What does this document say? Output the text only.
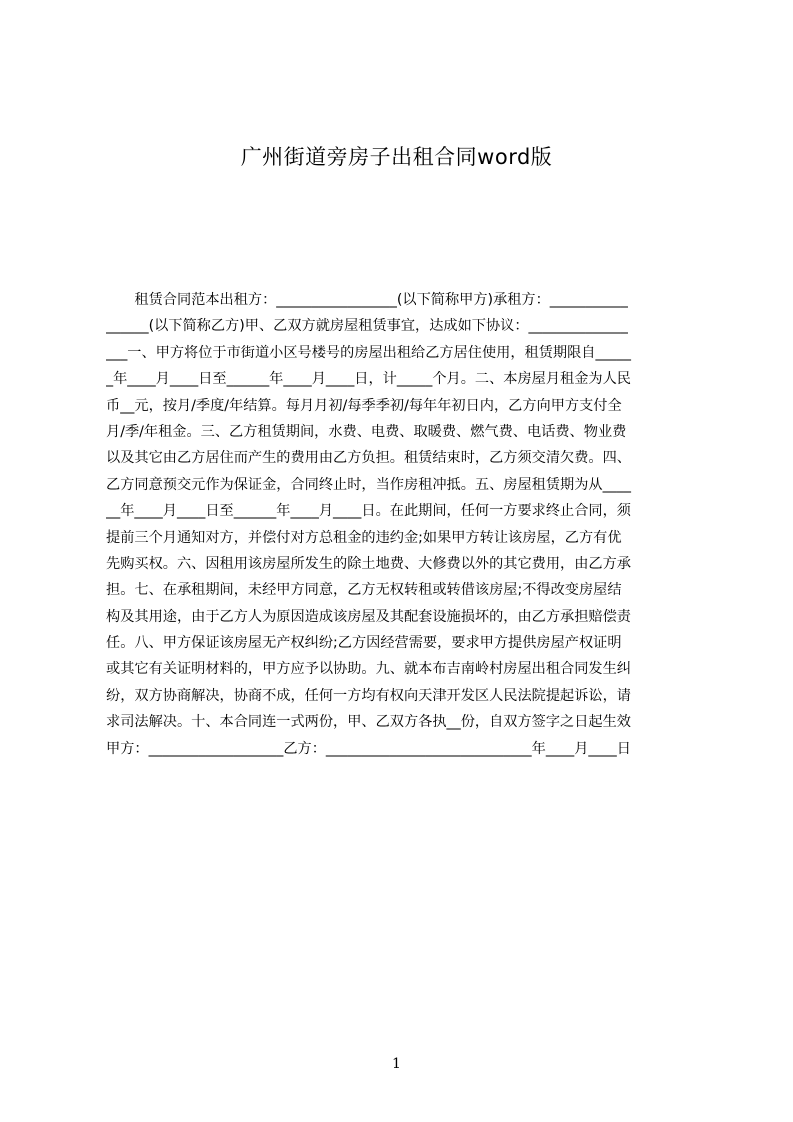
广州街道旁房子出租合同word版
　　租赁合同范本出租方：_________________(以下简称甲方)承租方：___________
______(以下简称乙方)甲、乙双方就房屋租赁事宜，达成如下协议：______________
___一、甲方将位于市街道小区号楼号的房屋出租给乙方居住使用，租赁期限自_____
_年____月____日至______年____月____日，计_____个月。二、本房屋月租金为人民
币__元，按月/季度/年结算。每月月初/每季季初/每年年初日内，乙方向甲方支付全
月/季/年租金。三、乙方租赁期间，水费、电费、取暖费、燃气费、电话费、物业费
以及其它由乙方居住而产生的费用由乙方负担。租赁结束时，乙方须交清欠费。四、
乙方同意预交元作为保证金，合同终止时，当作房租冲抵。五、房屋租赁期为从____
__年____月____日至______年____月____日。在此期间，任何一方要求终止合同，须
提前三个月通知对方，并偿付对方总租金的违约金;如果甲方转让该房屋，乙方有优
先购买权。六、因租用该房屋所发生的除土地费、大修费以外的其它费用，由乙方承
担。七、在承租期间，未经甲方同意，乙方无权转租或转借该房屋;不得改变房屋结
构及其用途，由于乙方人为原因造成该房屋及其配套设施损坏的，由乙方承担赔偿责
任。八、甲方保证该房屋无产权纠纷;乙方因经营需要，要求甲方提供房屋产权证明
或其它有关证明材料的，甲方应予以协助。九、就本布吉南岭村房屋出租合同发生纠
纷，双方协商解决，协商不成，任何一方均有权向天津开发区人民法院提起诉讼，请
求司法解决。十、本合同连一式两份，甲、乙双方各执__份，自双方签字之日起生效
甲方：___________________乙方：_____________________________年____月____日
1
